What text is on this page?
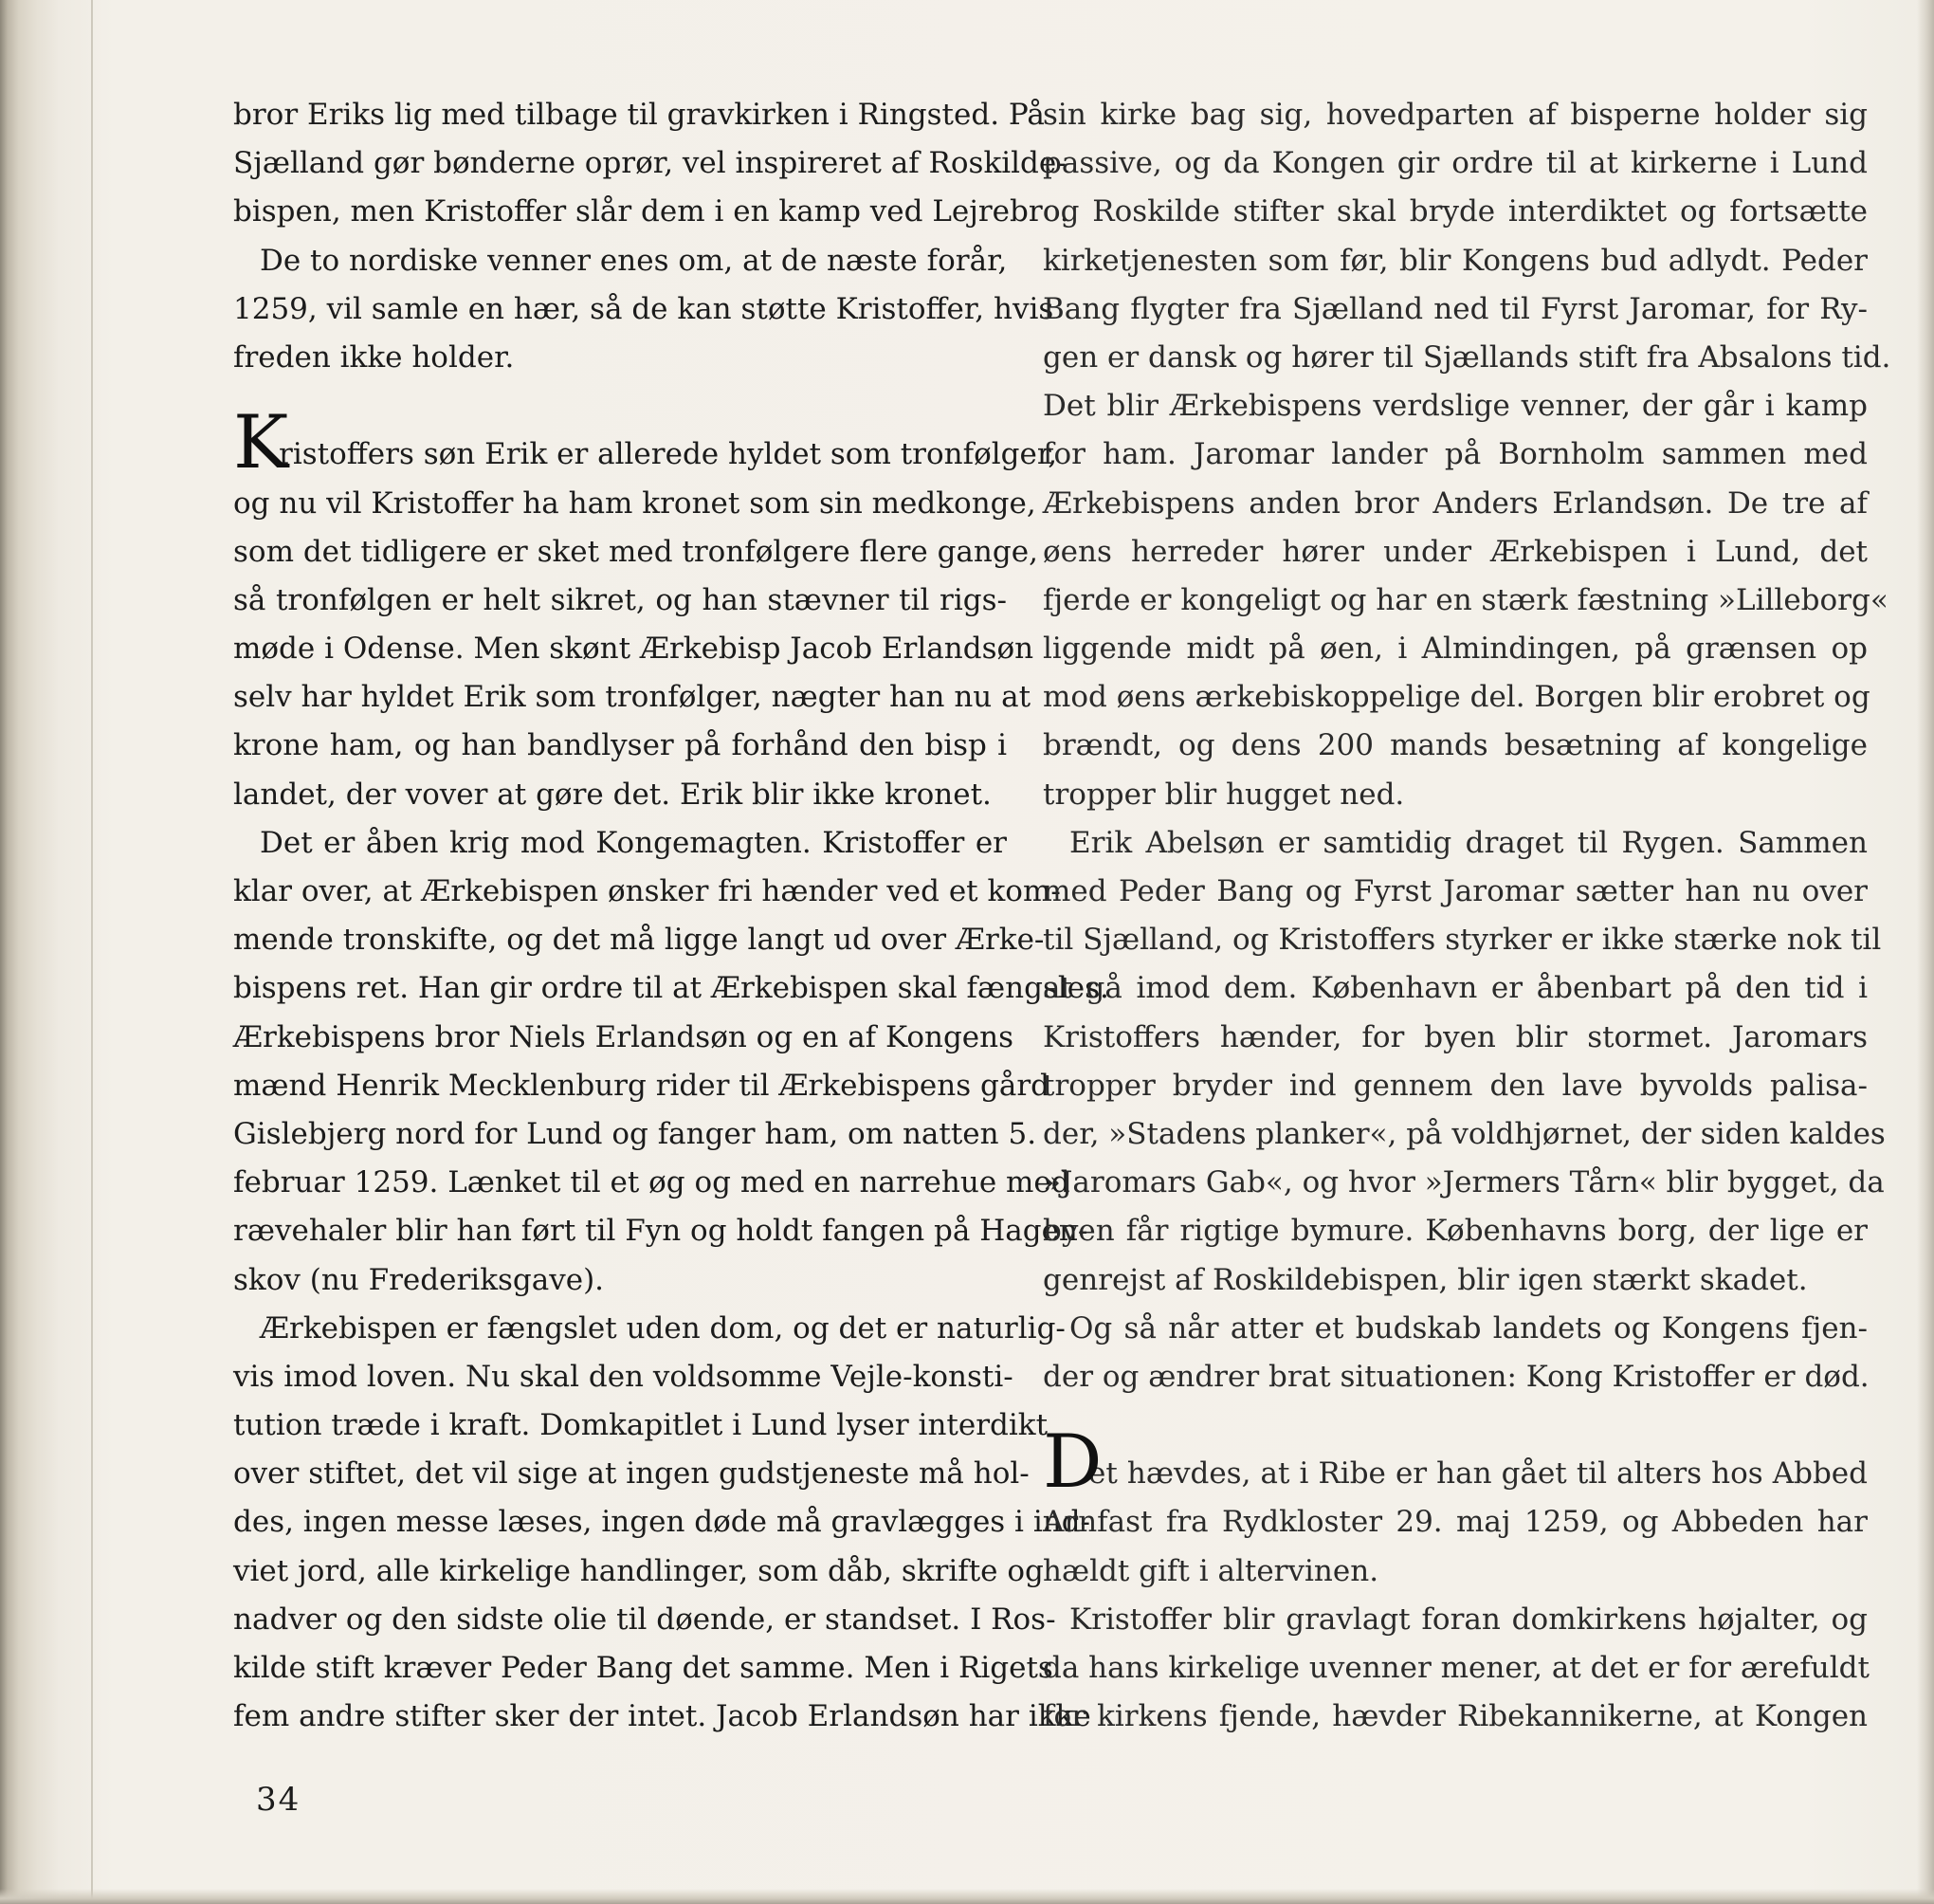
bror Eriks lig med tilbage til gravkirken i Ringsted. På
Sjælland gør bønderne oprør, vel inspireret af Roskilde-
bispen, men Kristoffer slår dem i en kamp ved Lejrebro.
De to nordiske venner enes om, at de næste forår,
1259, vil samle en hær, så de kan støtte Kristoffer, hvis
freden ikke holder.
K
ristoffers søn Erik er allerede hyldet som tronfølger,
og nu vil Kristoffer ha ham kronet som sin medkonge,
som det tidligere er sket med tronfølgere flere gange,
så tronfølgen er helt sikret, og han stævner til rigs-
møde i Odense. Men skønt Ærkebisp Jacob Erlandsøn
selv har hyldet Erik som tronfølger, nægter han nu at
krone ham, og han bandlyser på forhånd den bisp i
landet, der vover at gøre det. Erik blir ikke kronet.
Det er åben krig mod Kongemagten. Kristoffer er
klar over, at Ærkebispen ønsker fri hænder ved et kom-
mende tronskifte, og det må ligge langt ud over Ærke-
bispens ret. Han gir ordre til at Ærkebispen skal fængsles.
Ærkebispens bror Niels Erlandsøn og en af Kongens
mænd Henrik Mecklenburg rider til Ærkebispens gård
Gislebjerg nord for Lund og fanger ham, om natten 5.
februar 1259. Lænket til et øg og med en narrehue med
rævehaler blir han ført til Fyn og holdt fangen på Hagen-
skov (nu Frederiksgave).
Ærkebispen er fængslet uden dom, og det er naturlig-
vis imod loven. Nu skal den voldsomme Vejle-konsti-
tution træde i kraft. Domkapitlet i Lund lyser interdikt
over stiftet, det vil sige at ingen gudstjeneste må hol-
des, ingen messe læses, ingen døde må gravlægges i ind-
viet jord, alle kirkelige handlinger, som dåb, skrifte og
nadver og den sidste olie til døende, er standset. I Ros-
kilde stift kræver Peder Bang det samme. Men i Rigets
fem andre stifter sker der intet. Jacob Erlandsøn har ikke
sin kirke bag sig, hovedparten af bisperne holder sig
passive, og da Kongen gir ordre til at kirkerne i Lund
og Roskilde stifter skal bryde interdiktet og fortsætte
kirketjenesten som før, blir Kongens bud adlydt. Peder
Bang flygter fra Sjælland ned til Fyrst Jaromar, for Ry-
gen er dansk og hører til Sjællands stift fra Absalons tid.
Det blir Ærkebispens verdslige venner, der går i kamp
for ham. Jaromar lander på Bornholm sammen med
Ærkebispens anden bror Anders Erlandsøn. De tre af
øens herreder hører under Ærkebispen i Lund, det
fjerde er kongeligt og har en stærk fæstning »Lilleborg«
liggende midt på øen, i Almindingen, på grænsen op
mod øens ærkebiskoppelige del. Borgen blir erobret og
brændt, og dens 200 mands besætning af kongelige
tropper blir hugget ned.
Erik Abelsøn er samtidig draget til Rygen. Sammen
med Peder Bang og Fyrst Jaromar sætter han nu over
til Sjælland, og Kristoffers styrker er ikke stærke nok til
at gå imod dem. København er åbenbart på den tid i
Kristoffers hænder, for byen blir stormet. Jaromars
tropper bryder ind gennem den lave byvolds palisa-
der, »Stadens planker«, på voldhjørnet, der siden kaldes
»Jaromars Gab«, og hvor »Jermers Tårn« blir bygget, da
byen får rigtige bymure. Københavns borg, der lige er
genrejst af Roskildebispen, blir igen stærkt skadet.
Og så når atter et budskab landets og Kongens fjen-
der og ændrer brat situationen: Kong Kristoffer er død.
D
et hævdes, at i Ribe er han gået til alters hos Abbed
Arnfast fra Rydkloster 29. maj 1259, og Abbeden har
hældt gift i altervinen.
Kristoffer blir gravlagt foran domkirkens højalter, og
da hans kirkelige uvenner mener, at det er for ærefuldt
for kirkens fjende, hævder Ribekannikerne, at Kongen
34
